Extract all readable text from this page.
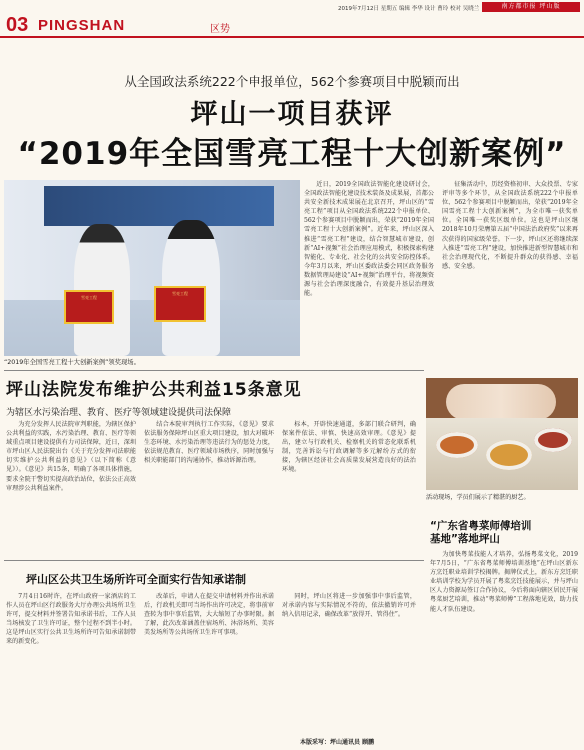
03 PINGSHAN	区势
2019年7月12日 星期五 编辑 李华 设计 曹玲 校对 吴晓兰	南方都市报 坪山版
从全国政法系统222个申报单位，562个参赛项目中脱颖而出
坪山一项目获评
“2019年全国雪亮工程十大创新案例”
雪亮工程
雪亮工程
“2019年全国雪亮工程十大创新案例”领奖现场。

近日，2019全国政法智能化建设研讨会，全国政法智能化建设技术装备及成果展，首都公共安全新技术成果展在北京召开，坪山区的“雪亮工程”项目从全国政法系统222个申报单位、562个参赛项目中脱颖而出，荣获“2019年全国雪亮工程十大创新案例”。近年来，坪山区深入推进“雪亮工程”建设，结合智慧城市建设，创新“AI+视频”社会治理应用模式，积极探索构建智能化、专业化、社会化的公共安全防控体系。今年3月以来，坪山区委政法委会同区政务服务数据管理局建设“AI+视频”治理平台，将视频资源与社会治理深度融合，有效提升基层治理效能。

征集活动中，历经资格初审、大众投票、专家评审等多个环节，从全国政法系统222个申报单位、562个参赛项目中脱颖而出，荣获“2019年全国雪亮工程十大创新案例”，为全市唯一获奖单位。全国唯一获奖区级单位。这也是坪山区继2018年10月荣膺第五届“中国法治政府奖”以来再次获得的国家级荣誉。下一步，坪山区还将继续深入推进“雪亮工程”建设，加快推进新型智慧城市和社会治理现代化，不断提升群众的获得感、幸福感、安全感。

坪山法院发布维护公共利益15条意见
为辖区水污染治理、教育、医疗等领域建设提供司法保障

为充分发挥人民法院审判职能，为辖区保护公共利益的实践，水污染治理、教育、医疗等领域重点项目建设提供有力司法保障，近日，深圳市坪山区人民法院出台《关于充分发挥司法职能切实维护公共利益的意见》（以下简称《意见》）。《意见》共15条，明确了各项具体措施，要求全院干警切实提高政治站位，依法公正高效审理涉公共利益案件。

结合本院审判执行工作实际，《意见》要求依法服务保障坪山区重大项目建设，加大对破坏生态环境、水污染治理等违法行为的惩处力度，依法规范教育、医疗领域市场秩序，同时加强与相关职能部门的沟通协作，推动诉源治理。

标本，开辟快速通道，多部门联合研判，确保案件依法、审慎、快速高效审理。《意见》提出，建立与行政机关、检察机关的常态化联系机制，完善诉讼与行政调解等多元解纷方式的衔接，为辖区经济社会高质量发展营造良好的法治环境。

活动现场，学员们展示了精湛的厨艺。
“广东省粤菜师傅培训
基地”落地坪山

为加快粤菜技能人才培养，弘扬粤菜文化，2019年7月5日，“广东省粤菜师傅培训基地”在坪山区新东方烹饪职业培训学校揭牌。揭牌仪式上，新东方烹饪职业培训学校为学员开展了粤菜烹饪技能展示，并与坪山区人力资源局签订合作协议，今后将面向辖区居民开展粤菜厨艺培训，推动“粤菜师傅”工程落地见效，助力技能人才队伍建设。

坪山区公共卫生场所许可全面实行告知承诺制

7月4日16时许，在坪山政府一家酒店的工作人员在坪山区行政服务大厅办理公共场所卫生许可，提交材料并签署告知承诺书后，工作人员当场核发了卫生许可证，整个过程不到半小时。这是坪山区实行公共卫生场所许可告知承诺制带来的新变化。

改革后，申请人在提交申请材料并作出承诺后，行政机关即可当场作出许可决定，将事前审查转为事中事后监管，大大缩短了办事时限。据了解，此次改革涵盖住宿场所、沐浴场所、美容美发场所等公共场所卫生许可事项。

同时，坪山区将进一步加强事中事后监管，对承诺内容与实际情况不符的，依法撤销许可并纳入信用记录，确保改革“放得开、管得住”。

本版采写：坪山通讯员 顾鹏
